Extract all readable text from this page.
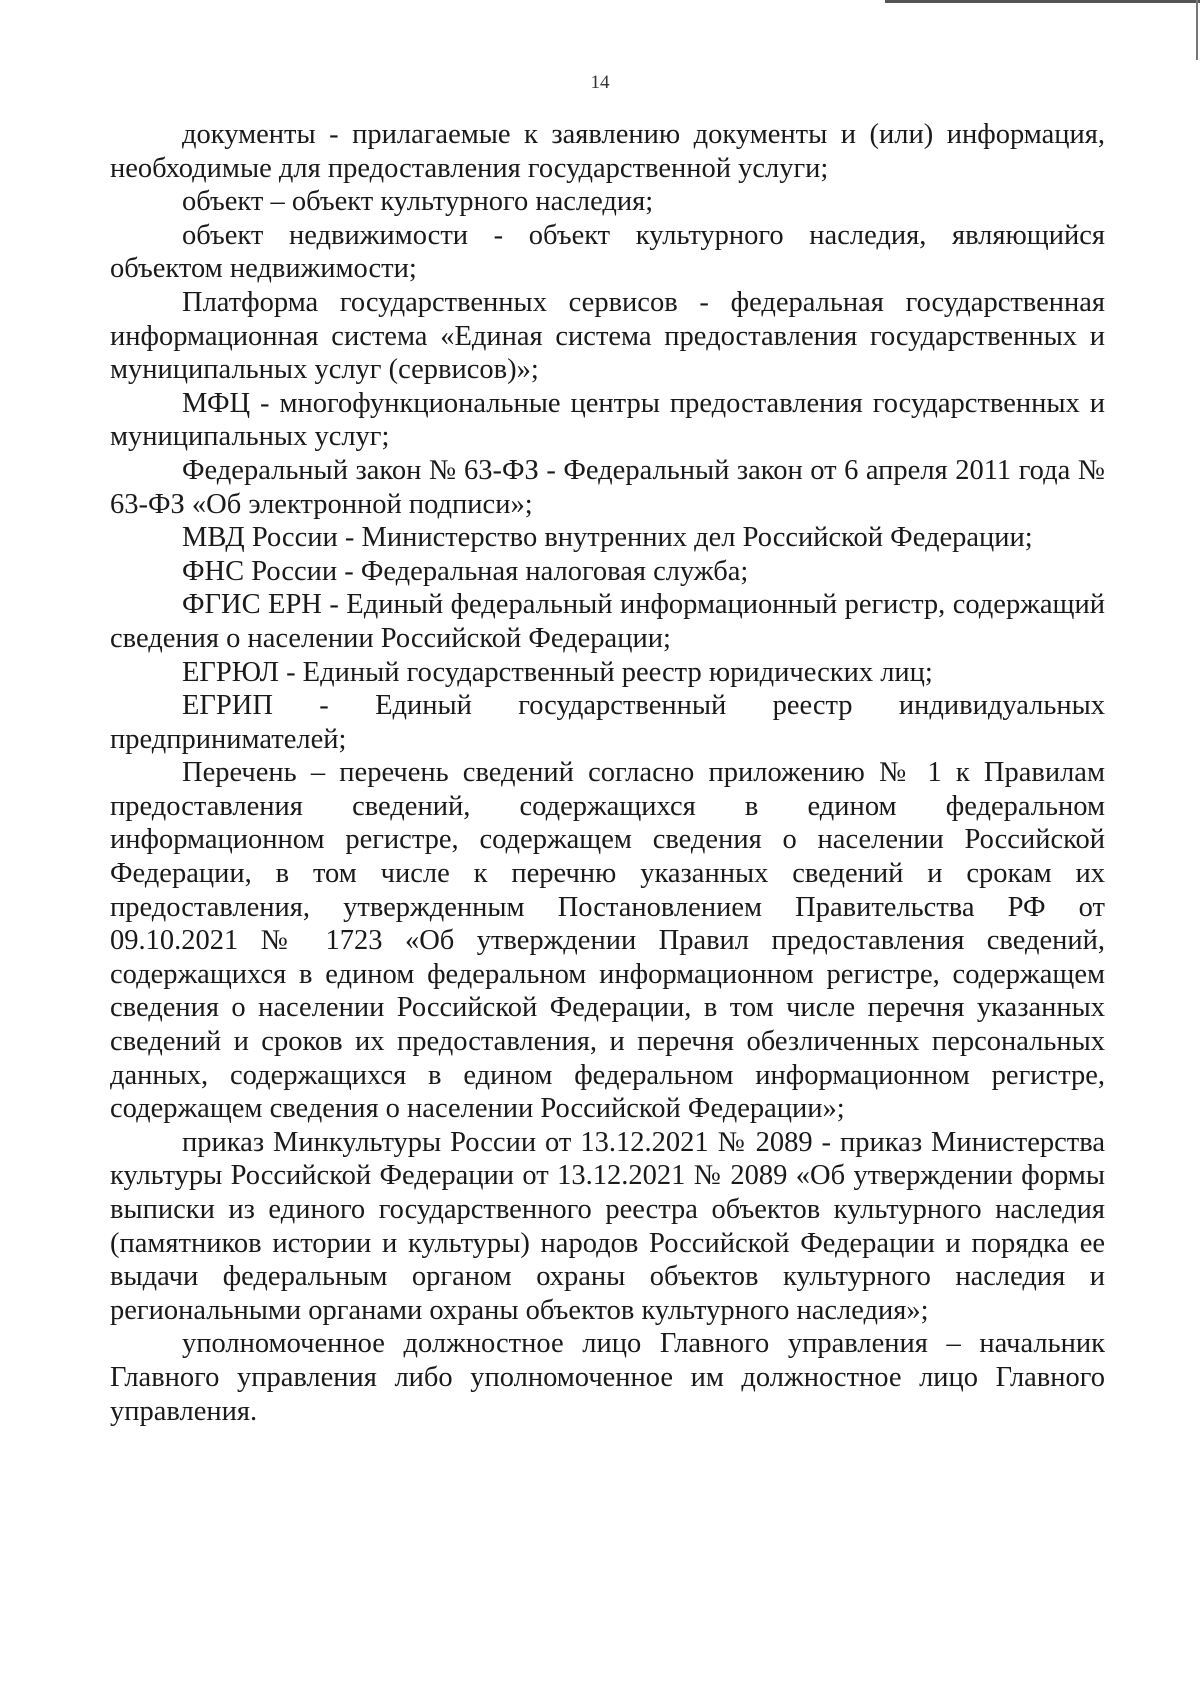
14

документы - прилагаемые к заявлению документы и (или) информация, необходимые для предоставления государственной услуги;

объект – объект культурного наследия;

объект недвижимости - объект культурного наследия, являющийся объектом недвижимости;

Платформа государственных сервисов - федеральная государственная информационная система «Единая система предоставления государственных и муниципальных услуг (сервисов)»;

МФЦ - многофункциональные центры предоставления государственных и муниципальных услуг;

Федеральный закон № 63-ФЗ - Федеральный закон от 6 апреля 2011 года № 63-ФЗ «Об электронной подписи»;

МВД России - Министерство внутренних дел Российской Федерации;

ФНС России - Федеральная налоговая служба;

ФГИС ЕРН - Единый федеральный информационный регистр, содержащий сведения о населении Российской Федерации;

ЕГРЮЛ - Единый государственный реестр юридических лиц;

ЕГРИП - Единый государственный реестр индивидуальных предпринимателей;

Перечень – перечень сведений согласно приложению № 1 к Правилам предоставления сведений, содержащихся в едином федеральном информационном регистре, содержащем сведения о населении Российской Федерации, в том числе к перечню указанных сведений и срокам их предоставления, утвержденным Постановлением Правительства РФ от 09.10.2021 № 1723 «Об утверждении Правил предоставления сведений, содержащихся в едином федеральном информационном регистре, содержащем сведения о населении Российской Федерации, в том числе перечня указанных сведений и сроков их предоставления, и перечня обезличенных персональных данных, содержащихся в едином федеральном информационном регистре, содержащем сведения о населении Российской Федерации»;

приказ Минкультуры России от 13.12.2021 № 2089 - приказ Министерства культуры Российской Федерации от 13.12.2021 № 2089 «Об утверждении формы выписки из единого государственного реестра объектов культурного наследия (памятников истории и культуры) народов Российской Федерации и порядка ее выдачи федеральным органом охраны объектов культурного наследия и региональными органами охраны объектов культурного наследия»;

уполномоченное должностное лицо Главного управления – начальник Главного управления либо уполномоченное им должностное лицо Главного управления.
